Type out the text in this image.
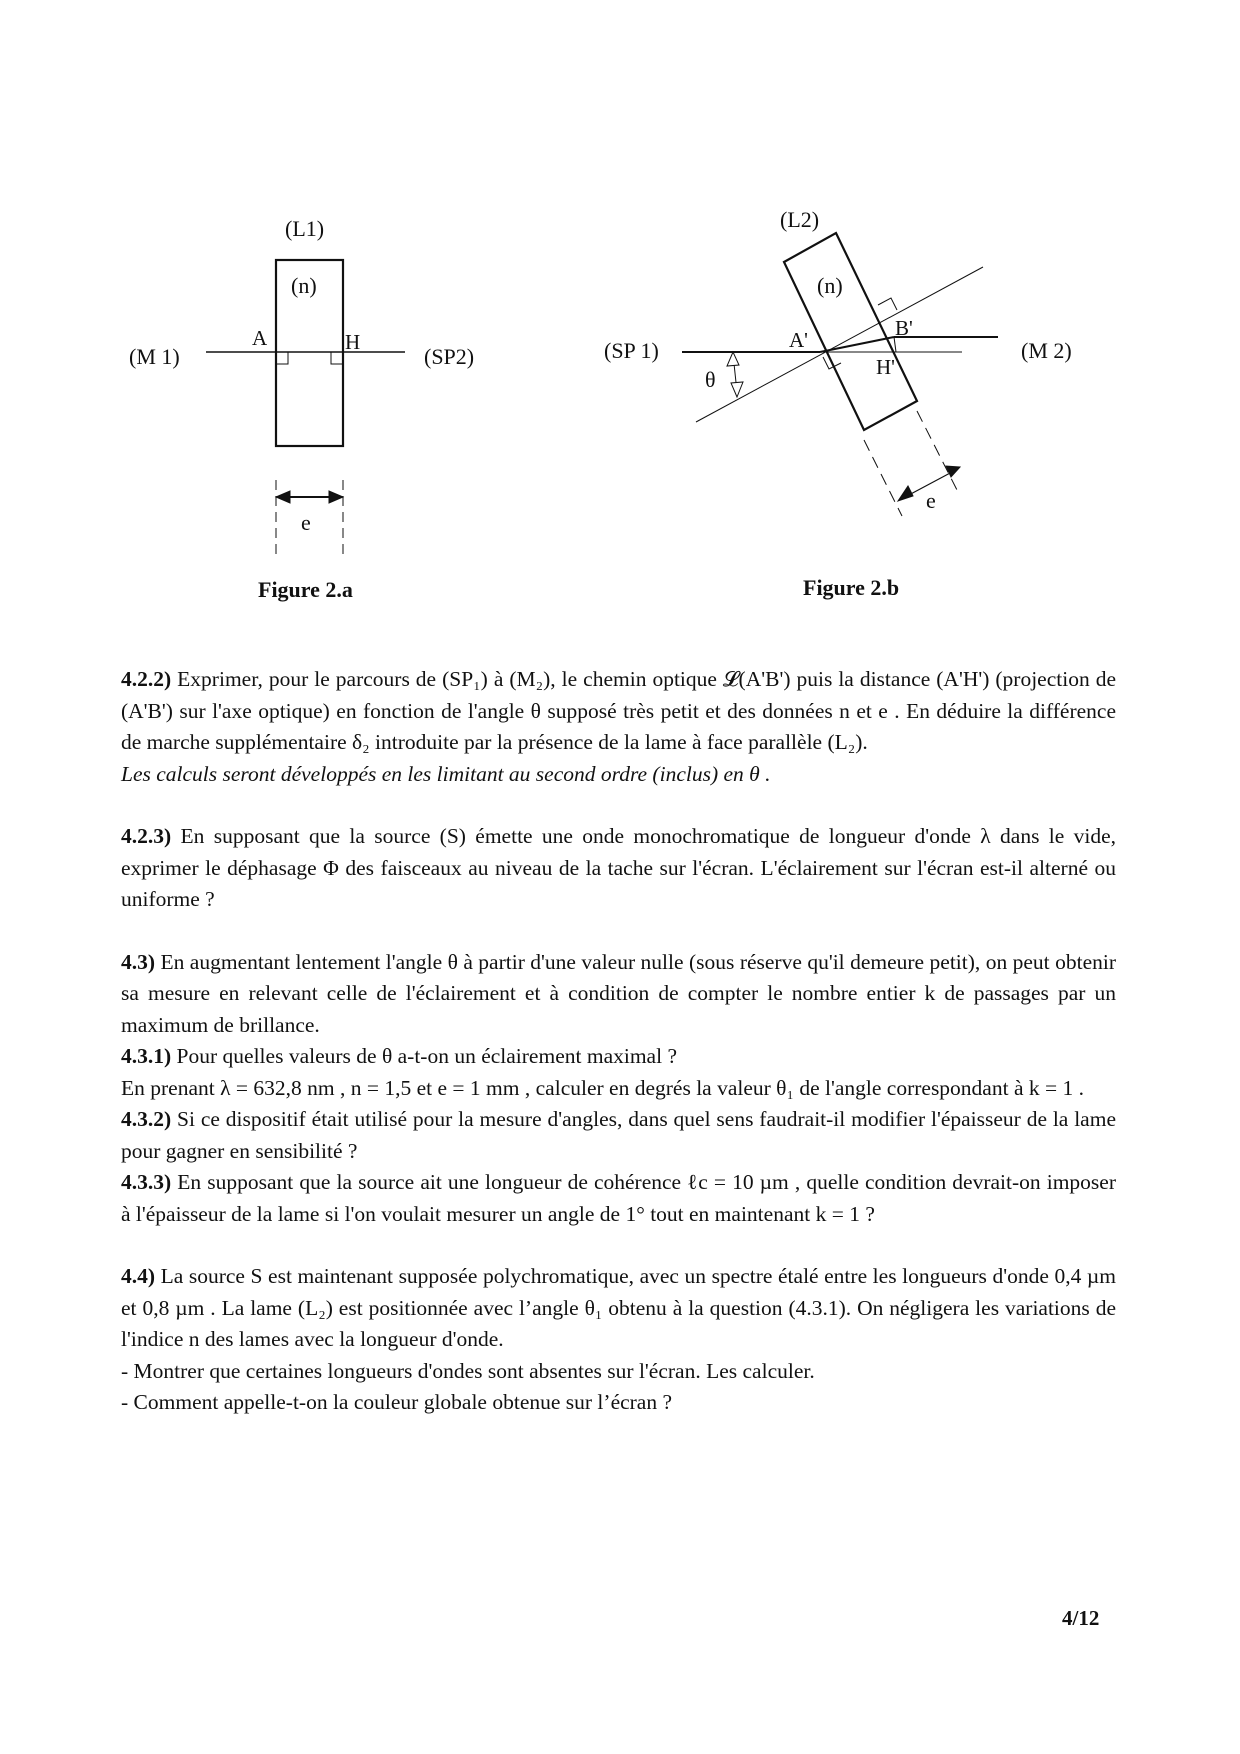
(L1)
(n)
(M 1)	(SP2)
A	H
e
(L2)
(n)
(SP 1)	(M 2)
A'	B'
H'
θ
e
Figure 2.a	Figure 2.b

4.2.2) Exprimer, pour le parcours de (SP₁) à (M₂), le chemin optique 𝓛(A'B') puis la distance (A'H') (projection de (A'B') sur l'axe optique) en fonction de l'angle θ supposé très petit et des données n et e . En déduire la différence de marche supplémentaire δ₂ introduite par la présence de la lame à face parallèle (L₂).

Les calculs seront développés en les limitant au second ordre (inclus) en θ .

4.2.3) En supposant que la source (S) émette une onde monochromatique de longueur d'onde λ dans le vide, exprimer le déphasage Φ des faisceaux au niveau de la tache sur l'écran. L'éclairement sur l'écran est-il alterné ou uniforme ?

4.3) En augmentant lentement l'angle θ à partir d'une valeur nulle (sous réserve qu'il demeure petit), on peut obtenir sa mesure en relevant celle de l'éclairement et à condition de compter le nombre entier k de passages par un maximum de brillance.

4.3.1) Pour quelles valeurs de θ a-t-on un éclairement maximal ?

En prenant λ = 632,8 nm , n = 1,5 et e = 1 mm , calculer en degrés la valeur θ₁ de l'angle correspondant à k = 1 .

4.3.2) Si ce dispositif était utilisé pour la mesure d'angles, dans quel sens faudrait-il modifier l'épaisseur de la lame pour gagner en sensibilité ?

4.3.3) En supposant que la source ait une longueur de cohérence ℓc = 10 µm , quelle condition devrait-on imposer à l'épaisseur de la lame si l'on voulait mesurer un angle de 1° tout en maintenant k = 1 ?

4.4) La source S est maintenant supposée polychromatique, avec un spectre étalé entre les longueurs d'onde 0,4 µm et 0,8 µm . La lame (L₂) est positionnée avec l’angle θ₁ obtenu à la question (4.3.1). On négligera les variations de l'indice n des lames avec la longueur d'onde.

- Montrer que certaines longueurs d'ondes sont absentes sur l'écran. Les calculer.

- Comment appelle-t-on la couleur globale obtenue sur l’écran ?

4/12
